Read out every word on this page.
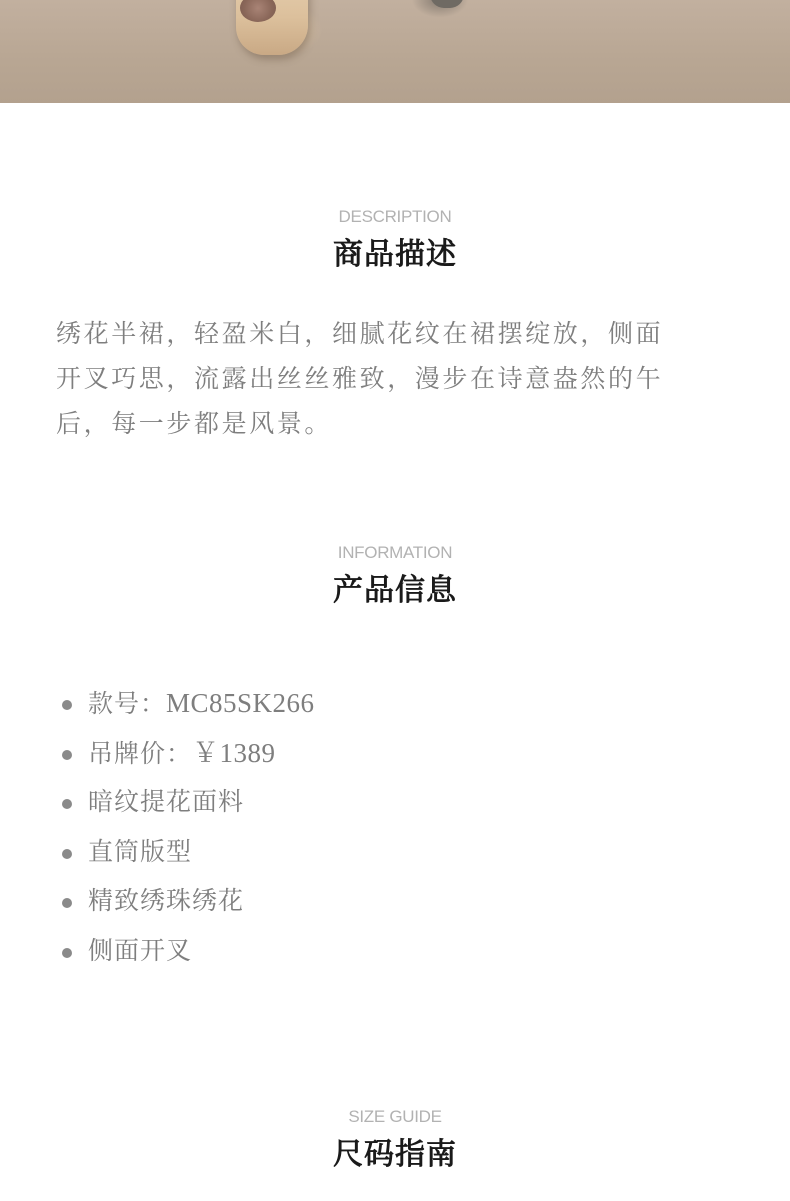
DESCRIPTION
商品描述
绣花半裙，轻盈米白，细腻花纹在裙摆绽放，侧面
开叉巧思，流露出丝丝雅致，漫步在诗意盎然的午
后，每一步都是风景。
INFORMATION
产品信息
款号：MC85SK266
吊牌价：￥1389
暗纹提花面料
直筒版型
精致绣珠绣花
侧面开叉
SIZE GUIDE
尺码指南
